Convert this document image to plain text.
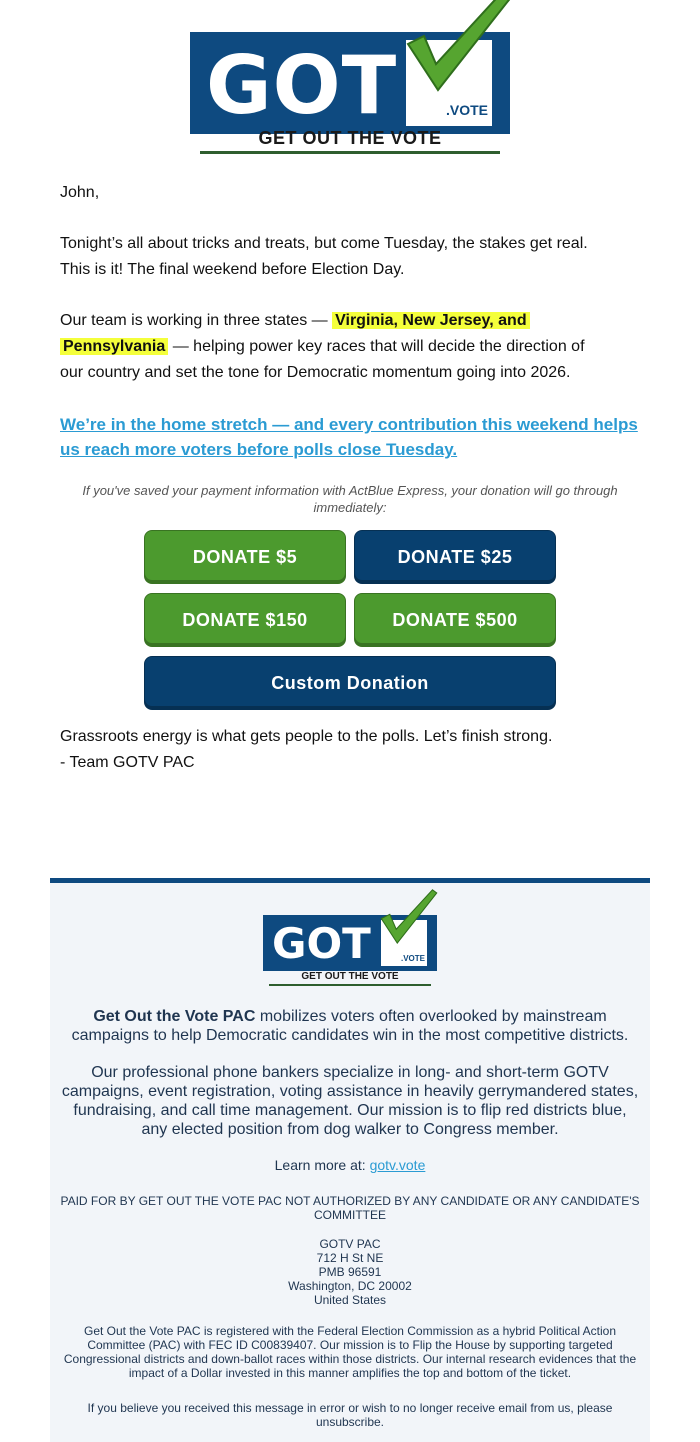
GOT	.VOTE
GET OUT THE VOTE
John,
Tonight’s all about tricks and treats, but come Tuesday, the stakes get real.
This is it! The final weekend before Election Day.
Our team is working in three states — Virginia, New Jersey, and
Pennsylvania — helping power key races that will decide the direction of
our country and set the tone for Democratic momentum going into 2026.
We’re in the home stretch — and every contribution this weekend helps us reach more voters before polls close Tuesday.
If you've saved your payment information with ActBlue Express, your donation will go through immediately:
DONATE $5	DONATE $25
DONATE $150	DONATE $500
Custom Donation
Grassroots energy is what gets people to the polls. Let’s finish strong.
- Team GOTV PAC
GOT	.VOTE
GET OUT THE VOTE
Get Out the Vote PAC mobilizes voters often overlooked by mainstream campaigns to help Democratic candidates win in the most competitive districts.
Our professional phone bankers specialize in long- and short-term GOTV campaigns, event registration, voting assistance in heavily gerrymandered states, fundraising, and call time management. Our mission is to flip red districts blue, any elected position from dog walker to Congress member.
Learn more at: gotv.vote
PAID FOR BY GET OUT THE VOTE PAC NOT AUTHORIZED BY ANY CANDIDATE OR ANY CANDIDATE'S COMMITTEE
GOTV PAC
712 H St NE
PMB 96591
Washington, DC 20002
United States
Get Out the Vote PAC is registered with the Federal Election Commission as a hybrid Political Action Committee (PAC) with FEC ID C00839407. Our mission is to Flip the House by supporting targeted Congressional districts and down-ballot races within those districts. Our internal research evidences that the impact of a Dollar invested in this manner amplifies the top and bottom of the ticket.
If you believe you received this message in error or wish to no longer receive email from us, please unsubscribe.
